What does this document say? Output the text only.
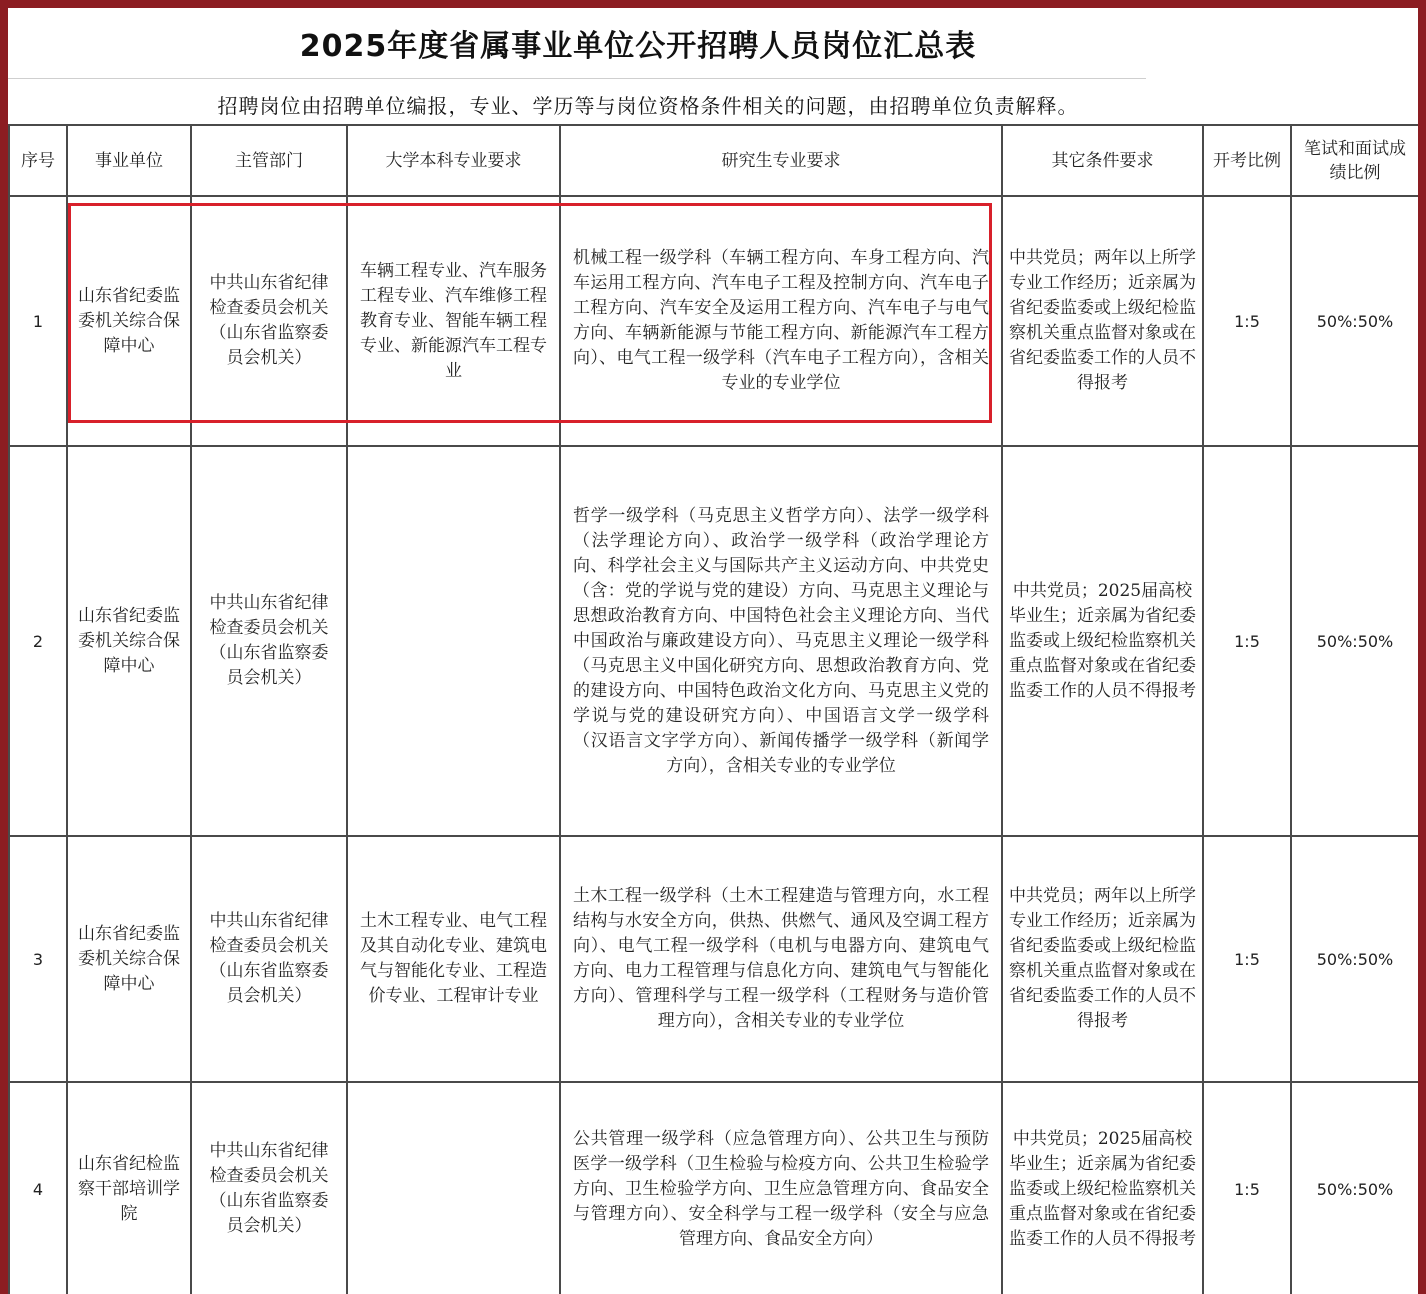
2025年度省属事业单位公开招聘人员岗位汇总表
招聘岗位由招聘单位编报，专业、学历等与岗位资格条件相关的问题，由招聘单位负责解释。
序号	事业单位	主管部门	大学本科专业要求	研究生专业要求	其它条件要求	开考比例	笔试和面试成绩比例
1	山东省纪委监委机关综合保障中心	中共山东省纪律检查委员会机关（山东省监察委员会机关）	车辆工程专业、汽车服务工程专业、汽车维修工程教育专业、智能车辆工程专业、新能源汽车工程专业	机械工程一级学科（车辆工程方向、车身工程方向、汽车运用工程方向、汽车电子工程及控制方向、汽车电子工程方向、汽车安全及运用工程方向、汽车电子与电气方向、车辆新能源与节能工程方向、新能源汽车工程方向）、电气工程一级学科（汽车电子工程方向），含相关专业的专业学位	中共党员；两年以上所学专业工作经历；近亲属为省纪委监委或上级纪检监察机关重点监督对象或在省纪委监委工作的人员不得报考	1:5	50%:50%
2	山东省纪委监委机关综合保障中心	中共山东省纪律检查委员会机关（山东省监察委员会机关）		哲学一级学科（马克思主义哲学方向）、法学一级学科（法学理论方向）、政治学一级学科（政治学理论方向、科学社会主义与国际共产主义运动方向、中共党史（含：党的学说与党的建设）方向、马克思主义理论与思想政治教育方向、中国特色社会主义理论方向、当代中国政治与廉政建设方向）、马克思主义理论一级学科（马克思主义中国化研究方向、思想政治教育方向、党的建设方向、中国特色政治文化方向、马克思主义党的学说与党的建设研究方向）、中国语言文学一级学科（汉语言文字学方向）、新闻传播学一级学科（新闻学方向），含相关专业的专业学位	中共党员；2025届高校毕业生；近亲属为省纪委监委或上级纪检监察机关重点监督对象或在省纪委监委工作的人员不得报考	1:5	50%:50%
3	山东省纪委监委机关综合保障中心	中共山东省纪律检查委员会机关（山东省监察委员会机关）	土木工程专业、电气工程及其自动化专业、建筑电气与智能化专业、工程造价专业、工程审计专业	土木工程一级学科（土木工程建造与管理方向，水工程结构与水安全方向，供热、供燃气、通风及空调工程方向）、电气工程一级学科（电机与电器方向、建筑电气方向、电力工程管理与信息化方向、建筑电气与智能化方向）、管理科学与工程一级学科（工程财务与造价管理方向），含相关专业的专业学位	中共党员；两年以上所学专业工作经历；近亲属为省纪委监委或上级纪检监察机关重点监督对象或在省纪委监委工作的人员不得报考	1:5	50%:50%
4	山东省纪检监察干部培训学院	中共山东省纪律检查委员会机关（山东省监察委员会机关）		公共管理一级学科（应急管理方向）、公共卫生与预防医学一级学科（卫生检验与检疫方向、公共卫生检验学方向、卫生检验学方向、卫生应急管理方向、食品安全与管理方向）、安全科学与工程一级学科（安全与应急管理方向、食品安全方向）	中共党员；2025届高校毕业生；近亲属为省纪委监委或上级纪检监察机关重点监督对象或在省纪委监委工作的人员不得报考	1:5	50%:50%
